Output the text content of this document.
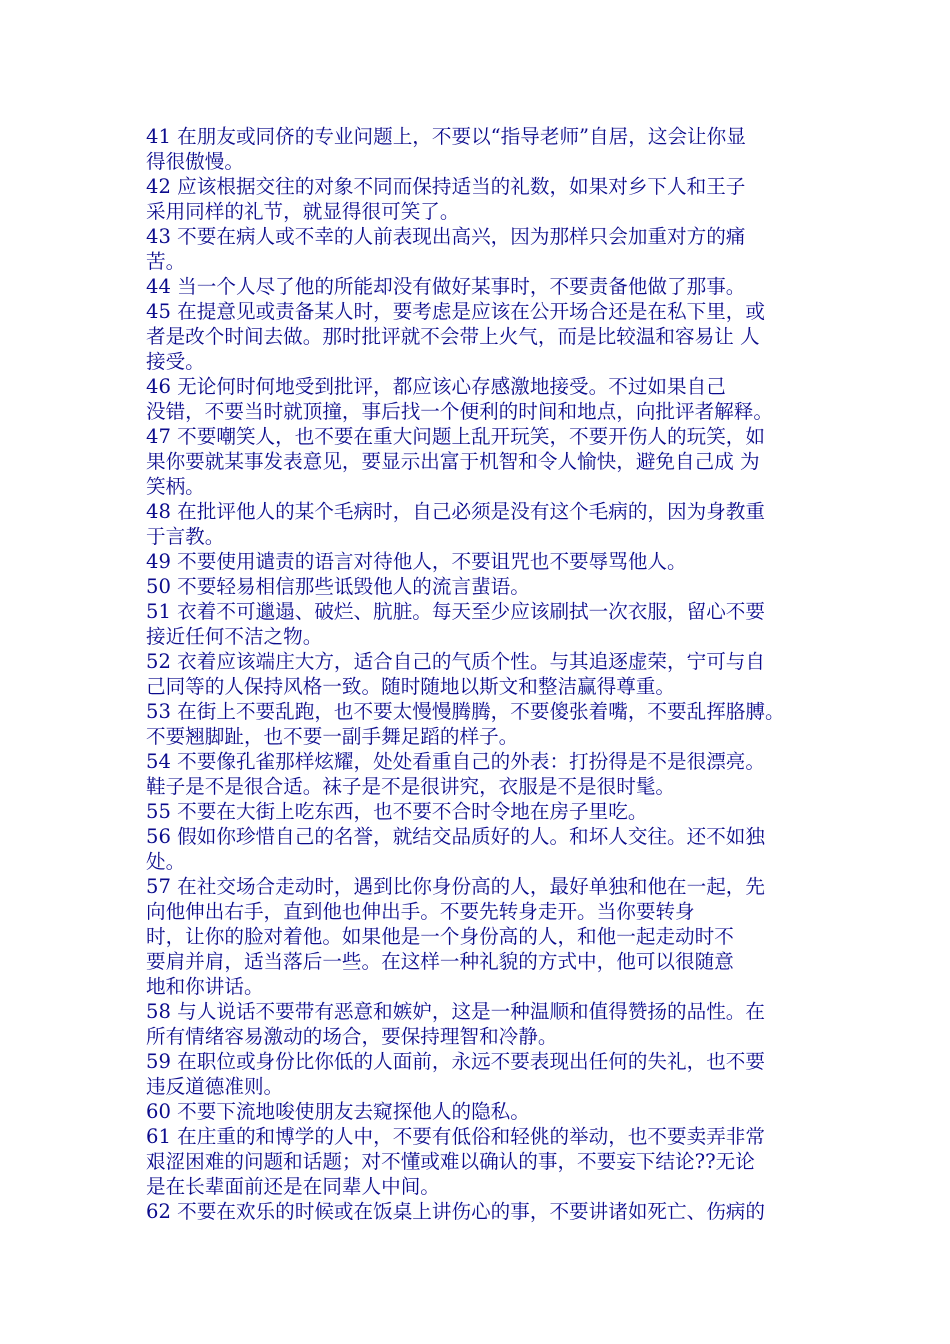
41 在朋友或同侪的专业问题上，不要以“指导老师”自居，这会让你显
得很傲慢。
42 应该根据交往的对象不同而保持适当的礼数，如果对乡下人和王子
采用同样的礼节，就显得很可笑了。
43 不要在病人或不幸的人前表现出高兴，因为那样只会加重对方的痛
苦。
44 当一个人尽了他的所能却没有做好某事时，不要责备他做了那事。
45 在提意见或责备某人时，要考虑是应该在公开场合还是在私下里，或
者是改个时间去做。那时批评就不会带上火气，而是比较温和容易让 人
接受。
46 无论何时何地受到批评，都应该心存感激地接受。不过如果自己
没错，不要当时就顶撞，事后找一个便利的时间和地点，向批评者解释。
47 不要嘲笑人，也不要在重大问题上乱开玩笑，不要开伤人的玩笑，如
果你要就某事发表意见，要显示出富于机智和令人愉快，避免自己成 为
笑柄。
48 在批评他人的某个毛病时，自己必须是没有这个毛病的，因为身教重
于言教。
49 不要使用谴责的语言对待他人，不要诅咒也不要辱骂他人。
50 不要轻易相信那些诋毁他人的流言蜚语。
51 衣着不可邋遢、破烂、肮脏。每天至少应该刷拭一次衣服，留心不要
接近任何不洁之物。
52 衣着应该端庄大方，适合自己的气质个性。与其追逐虚荣，宁可与自
己同等的人保持风格一致。随时随地以斯文和整洁赢得尊重。
53 在街上不要乱跑，也不要太慢慢腾腾，不要傻张着嘴，不要乱挥胳膊。
不要翘脚趾，也不要一副手舞足蹈的样子。
54 不要像孔雀那样炫耀，处处看重自己的外表：打扮得是不是很漂亮。
鞋子是不是很合适。袜子是不是很讲究，衣服是不是很时髦。
55 不要在大街上吃东西，也不要不合时令地在房子里吃。
56 假如你珍惜自己的名誉，就结交品质好的人。和坏人交往。还不如独
处。
57 在社交场合走动时，遇到比你身份高的人，最好单独和他在一起，先
向他伸出右手，直到他也伸出手。不要先转身走开。当你要转身
时，让你的脸对着他。如果他是一个身份高的人，和他一起走动时不
要肩并肩，适当落后一些。在这样一种礼貌的方式中，他可以很随意
地和你讲话。
58 与人说话不要带有恶意和嫉妒，这是一种温顺和值得赞扬的品性。在
所有情绪容易激动的场合，要保持理智和冷静。
59 在职位或身份比你低的人面前，永远不要表现出任何的失礼，也不要
违反道德准则。
60 不要下流地唆使朋友去窥探他人的隐私。
61 在庄重的和博学的人中，不要有低俗和轻佻的举动，也不要卖弄非常
艰涩困难的问题和话题；对不懂或难以确认的事，不要妄下结论??无论
是在长辈面前还是在同辈人中间。
62 不要在欢乐的时候或在饭桌上讲伤心的事，不要讲诸如死亡、伤病的
